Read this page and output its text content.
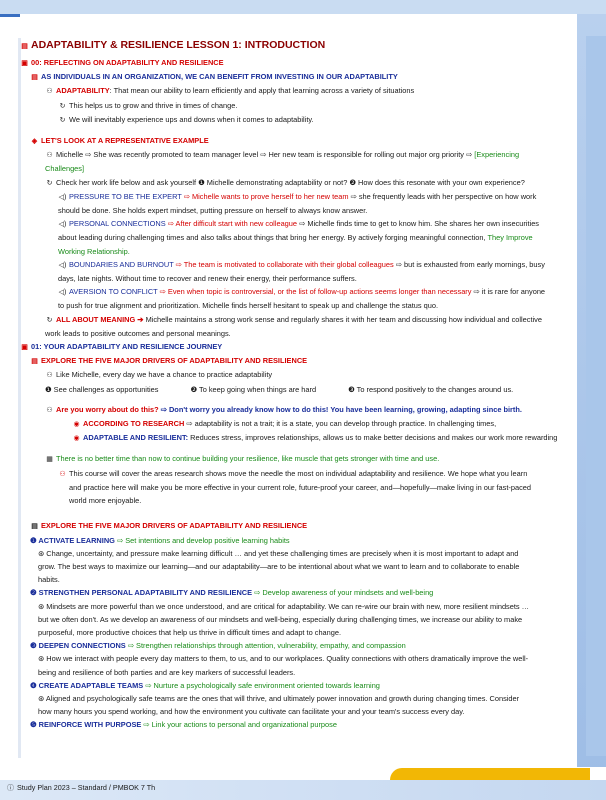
▤ ADAPTABILITY & RESILIENCE LESSON 1: INTRODUCTION
▣ 00: REFLECTING ON ADAPTABILITY AND RESILIENCE
▤ AS INDIVIDUALS IN AN ORGANIZATION, WE CAN BENEFIT FROM INVESTING IN OUR ADAPTABILITY
⚇ ADAPTABILITY: That mean our ability to learn efficiently and apply that learning across a variety of situations
↻ This helps us to grow and thrive in times of change.
↻ We will inevitably experience ups and downs when it comes to adaptability.
◈ LET'S LOOK AT A REPRESENTATIVE EXAMPLE
⚇ Michelle ⇨ She was recently promoted to team manager level ⇨ Her new team is responsible for rolling out major org priority ⇨ [Experiencing
Challenges]
↻ Check her work life below and ask yourself ❶ Michelle demonstrating adaptability or not? ❷ How does this resonate with your own experience?
◁) PRESSURE TO BE THE EXPERT ⇨ Michelle wants to prove herself to her new team ⇨ she frequently leads with her perspective on how work
should be done. She holds expert mindset, putting pressure on herself to always know answer.
◁) PERSONAL CONNECTIONS ⇨ After difficult start with new colleague ⇨ Michelle finds time to get to know him. She shares her own insecurities
about leading during challenging times and also talks about things that bring her energy. By actively forging meaningful connection, They Improve
Working Relationship.
◁) BOUNDARIES AND BURNOUT ⇨ The team is motivated to collaborate with their global colleagues ⇨ but is exhausted from early mornings, busy
days, late nights. Without time to recover and renew their energy, their performance suffers.
◁) AVERSION TO CONFLICT ⇨ Even when topic is controversial, or the list of follow-up actions seems longer than necessary ⇨ it is rare for anyone
to push for true alignment and prioritization. Michelle finds herself hesitant to speak up and challenge the status quo.
↻ ALL ABOUT MEANING ➔ Michelle maintains a strong work sense and regularly shares it with her team and discussing how individual and collective
work leads to positive outcomes and personal meanings.
▣ 01: YOUR ADAPTABILITY AND RESILIENCE JOURNEY
▤ EXPLORE THE FIVE MAJOR DRIVERS OF ADAPTABILITY AND RESILIENCE
⚇ Like Michelle, every day we have a chance to practice adaptability
❶ See challenges as opportunities	❷ To keep going when things are hard	❸ To respond positively to the changes around us.
⚇ Are you worry about do this? ⇨ Don't worry you already know how to do this! You have been learning, growing, adapting since birth.
◉ ACCORDING TO RESEARCH ⇨ adaptability is not a trait; it is a state, you can develop through practice. In challenging times,
◉ ADAPTABLE AND RESILIENT: Reduces stress, improves relationships, allows us to make better decisions and makes our work more rewarding
▦ There is no better time than now to continue building your resilience, like muscle that gets stronger with time and use.
⚇ This course will cover the areas research shows move the needle the most on individual adaptability and resilience. We hope what you learn
and practice here will make you be more effective in your current role, future-proof your career, and—hopefully—make living in our fast-paced
world more enjoyable.
▤ EXPLORE THE FIVE MAJOR DRIVERS OF ADAPTABILITY AND RESILIENCE
❶ ACTIVATE LEARNING ⇨ Set intentions and develop positive learning habits
⊛ Change, uncertainty, and pressure make learning difficult … and yet these challenging times are precisely when it is most important to adapt and
grow. The best ways to maximize our learning—and our adaptability—are to be intentional about what we want to learn and to collaborate to enable
habits.
❷ STRENGTHEN PERSONAL ADAPTABILITY AND RESILIENCE ⇨ Develop awareness of your mindsets and well-being
⊛ Mindsets are more powerful than we once understood, and are critical for adaptability. We can re-wire our brain with new, more resilient mindsets …
but we often don't. As we develop an awareness of our mindsets and well-being, especially during challenging times, we increase our ability to make
purposeful, more productive choices that help us thrive in difficult times and adapt to change.
❸ DEEPEN CONNECTIONS ⇨ Strengthen relationships through attention, vulnerability, empathy, and compassion
⊛ How we interact with people every day matters to them, to us, and to our workplaces. Quality connections with others dramatically improve the well-
being and resilience of both parties and are key markers of successful leaders.
❹ CREATE ADAPTABLE TEAMS ⇨ Nurture a psychologically safe environment oriented towards learning
⊛ Aligned and psychologically safe teams are the ones that will thrive, and ultimately power innovation and growth during changing times. Consider
how many hours you spend working, and how the environment you cultivate can facilitate your and your team's success every day.
❺ REINFORCE WITH PURPOSE ⇨ Link your actions to personal and organizational purpose
ⓘ Study Plan 2023 – Standard / PMBOK 7 Th
